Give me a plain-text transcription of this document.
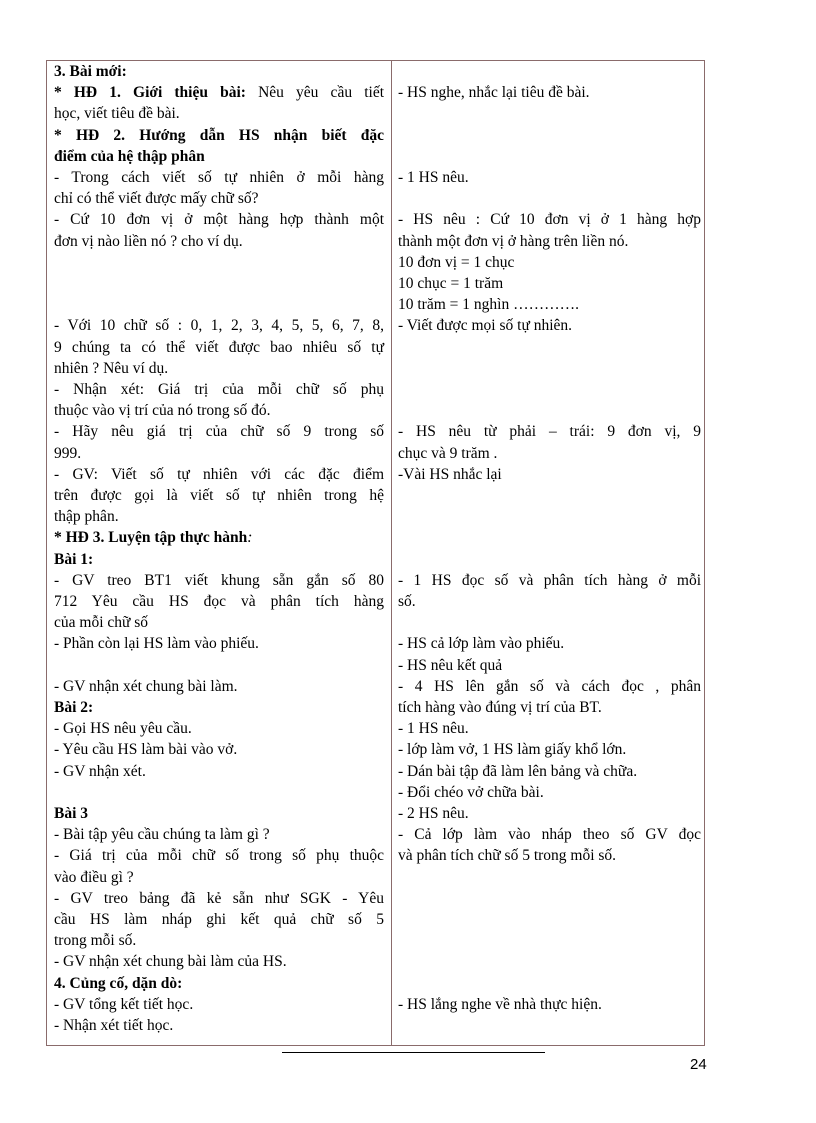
3. Bài mới:
* HĐ 1. Giới thiệu bài: Nêu yêu cầu tiết
học, viết tiêu đề bài.
* HĐ 2. Hướng dẫn HS nhận biết đặc
điểm của hệ thập phân
- Trong cách viết số tự nhiên ở mỗi hàng
chỉ có thể viết được mấy chữ số?
- Cứ 10 đơn vị ở một hàng hợp thành một
đơn vị nào liền nó ? cho ví dụ.
- Với 10 chữ số : 0, 1, 2, 3, 4, 5, 5, 6, 7, 8,
9 chúng ta có thể viết được bao nhiêu số tự
nhiên ? Nêu ví dụ.
- Nhận xét: Giá trị của mỗi chữ số phụ
thuộc vào vị trí của nó trong số đó.
- Hãy nêu giá trị của chữ số 9 trong số
999.
- GV: Viết số tự nhiên với các đặc điểm
trên được gọi là viết số tự nhiên trong hệ
thập phân.
* HĐ 3. Luyện tập thực hành:
Bài 1:
- GV treo BT1 viết khung sẵn gắn số 80
712 Yêu cầu HS đọc và phân tích hàng
của mỗi chữ số
- Phần còn lại HS làm vào phiếu.
- GV nhận xét chung bài làm.
Bài 2:
- Gọi HS nêu yêu cầu.
- Yêu cầu HS làm bài vào vở.
- GV nhận xét.
Bài 3
- Bài tập yêu cầu chúng ta làm gì ?
- Giá trị của mỗi chữ số trong số phụ thuộc
vào điều gì ?
- GV treo bảng đã kẻ sẵn như SGK - Yêu
cầu HS làm nháp ghi kết quả chữ số 5
trong mỗi số.
- GV nhận xét chung bài làm của HS.
4. Củng cố, dặn dò:
- GV tổng kết tiết học.
- Nhận xét tiết học.
- HS nghe, nhắc lại tiêu đề bài.
- 1 HS nêu.
- HS nêu : Cứ 10 đơn vị ở 1 hàng hợp
thành một đơn vị ở hàng trên liền nó.
10 đơn vị = 1 chục
10 chục = 1 trăm
10 trăm = 1 nghìn ………….
- Viết được mọi số tự nhiên.
- HS nêu từ phải – trái: 9 đơn vị, 9
chục và 9 trăm .
-Vài HS nhắc lại
- 1 HS đọc số và phân tích hàng ở mỗi
số.
- HS cả lớp làm vào phiếu.
- HS nêu kết quả
- 4 HS lên gắn số và cách đọc , phân
tích hàng vào đúng vị trí của BT.
- 1 HS nêu.
- lớp làm vở, 1 HS làm giấy khổ lớn.
- Dán bài tập đã làm lên bảng và chữa.
- Đổi chéo vở chữa bài.
- 2 HS nêu.
- Cả lớp làm vào nháp theo số GV đọc
và phân tích chữ số 5 trong mỗi số.
- HS lắng nghe về nhà thực hiện.
24
